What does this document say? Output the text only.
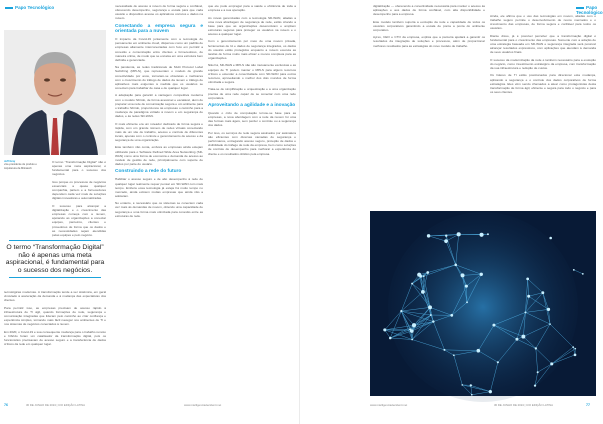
Papo Tecnológico
Jeff Gray
vice-presidente de produto e Arquitetura da Mitratech

O termo “Transformação Digital” não é apenas uma meta aspiracional, é fundamental para o sucesso dos negócios.

Isso porque os processos de negócios essenciais a quase qualquer companhia, partem e a fornecedores dependem cada vez mais de soluções digitais inovadoras e automatizadas.

O sucesso para alcançar a digitalização e o crescimento das empresas começa com a nuvem, apoiando as organizações a conectar equipes, parceiros, clientes e provedores de forma que os dados e as necessidades sejam atendidas pelas equipes e pelo negócio.

O termo “Transformação Digital” não é apenas uma meta aspiracional, é fundamental para o sucesso dos negócios.

tecnológicas modernas. A transformação tende a ser sistêmica, em geral vinculado à aceleração da demanda e à mudança das expectativas dos clientes.

Para permitir isso, as empresas precisam de acesso rápido à infraestrutura de TI ágil, quando formações de rede, segurança e comunicação integradas que lideram pelo caminho ao criar confiança e experiência simples, tornando mais fácil navegar nos ambientes de TI e nos sistemas de negócios conectados à nuvem.

Em 2020, o Covid-19 e sua consequente mudança para o trabalho remoto e híbrido foram um catalisador da transformação digital, pois os funcionários precisavam de acesso seguro e a transferência de dados críticos da rede em qualquer lugar.

necessidade de acesso à nuvem de forma segura e confiável, oferecendo desempenho, segurança e escala para que cada usuário e dispositivo acesse os aplicativos corretos e dados na nuvem.

Conectando a empresa segura e orientada para a nuvem

O impacto da Covid-19 juntamente com a tecnologia de pensamento em ambiente cloud, dispersou como um padrão de empresas altamente interconectadas com foco em permitir a conexão e comunicação entre clientes e fornecedores, de maneira online, de modo que se encaixa em uma estrutura bem definida e gerenciada.

Na pandemia, as redes tradicionais de Multi Protocol Label Switching (MPLS), que representam o modelo de grande conectividade por anos, tornaram-se obsoletas e ineficazes com o crescimento do tráfego de dados da nuvem e tráfego de aplicativos mais exigentes à medida que os usuários se conectam para trabalhar de casa e de qualquer lugar.

A adaptação para garantir a vantagem competitiva moderna com o modelo híbrido, de forma acessível e escalável, além de preparar uma rede de comunicação segura e um ambiente para o trabalho híbrido, proporcionou às empresas o caminho para a mudança de paradigma voltado à nuvem e em segurança de dados, e às redes SD-WAN.

O mais eficiente era um roteador dedicado de forma segura e rápida, com um grande número de redes virtuais conectando mais de um site de trabalho, acesso e controle de diferentes locais, apenas com o controle e gerenciamento de acesso e da segurança de uma organização.

Este também não conta, embora as empresas ainda estejam utilizando para o Software Defined Wide Area Networking (SD-WAN) como uma forma de economia e demanda de acesso ao modelo de gestão de rede, principalmente com suporte de dados por parte do usuário.

Construindo a rede do futuro

Habilitar o acesso seguro e de alto desempenho à rede de qualquer lugar realmente requer pensar em SD-WAN com mais tempo. Embora essa tecnologia já esteja há muito tempo no mercado, ainda existem muitas empresas que ainda não a adotaram.

No entanto, é necessário que os sistemas se conectem cada vez mais às demandas de nuvem, obtendo uma capacidade de segurança e uma forma mais otimizada para conexão entre as estruturas de rede.

que ele pode empregar para a saúde e eficiência de toda a empresa e a sua operação.

As novas gerenciadas com a tecnologia SD-WAN, aliadas a uma nova abordagem de segurança de rede, estão criando a base para que as organizações desenvolvam e ampliem estruturas seguras para proteger os usuários na nuvem e o acesso a qualquer lugar.

Com o gerenciamento por meio de uma nuvem privada, ferramentas de IA e dados de segurança integrados, os dados do usuário estão protegidos enquanto a nuvem executa as tarefas de forma muito mais eficaz e menos complexa para as organizações.

Não há, SD-WAN e MPLS não são mutuamente exclusivas e as equipes de TI podem manter o MPLS para alguns recursos críticos e estender a conectividade com SD-WAN para outros recursos, aproveitando o melhor dos dois mundos de forma otimizada e segura.

Trata-se de simplificação e orquestração e a uma organização precisa de uma rede capaz de se conectar com uma rede corporativa.

Aproveitando a agilidade e a inovação

Quando o ciclo de computação tornou-se base para as empresas, a nova abordagem com a rede da nuvem foi uma das formas mais ágeis, sem perder o controle ou a segurança dos dados.

Por isso, os serviços de rede segura assinados por assinatura são eficientes com diversas camadas de segurança e performance, entregando acesso seguro, proteção de dados e visibilidade do tráfego de rede da empresa, bem como soluções de controle de desempenho para melhorar a experiência do cliente e os resultados obtidos pela empresa.

76	30 DE JUNHO DE 2024 | CIO EDIÇÃO LATINA	www.intelligenciadecidenti.net
Papo Tecnológico

digitalização — oferecendo a conectividade necessária para manter o acesso às aplicações e aos dados de forma confiável, com alta disponibilidade e desempenho para a empresa.

Este modelo também suporta a evolução da rede e capacidade de todos os usuários corporativos garantindo a escala de ponta a ponta do ambiente corporativo.

Ayres, CEO e CTO da empresa, explica que a parceria ajudará a garantir os resultados da integração de soluções e processos, além de proporcionar melhores resultados para as estratégias do novo modelo de trabalho.

Ainda, ele afirma que o uso das tecnologias em nuvem, aliadas com o trabalho seguro permite o desenvolvimento de novos mercados e o crescimento das empresas, de forma segura e confiável para todos os usuários.

Diante disso, já é possível perceber que a transformação digital é fundamental para o crescimento das empresas. Somente com a adoção de uma estratégia baseada em SD-WAN e segurança integrada será possível alcançar resultados expressivos, com aplicações que atendam à demanda de seus usuários finais.

O sucesso da modernização da rede é também necessário para a evolução do negócio, como investimento estratégico da empresa, com transformação da sua infraestrutura e redução de custos.

Os líderes de TI estão posicionados para direcionar esta mudança, aplicando a segurança e o controle dos dados corporativos de forma estratégica. Eles vêm sendo chamados a atuar como protagonistas desta transformação de forma ágil, eficiente e segura para todo o negócio e para os seus clientes.

www.intelligenciadecidenti.net	30 DE JUNHO DE 2024 | CIO EDIÇÃO LATINA	77
